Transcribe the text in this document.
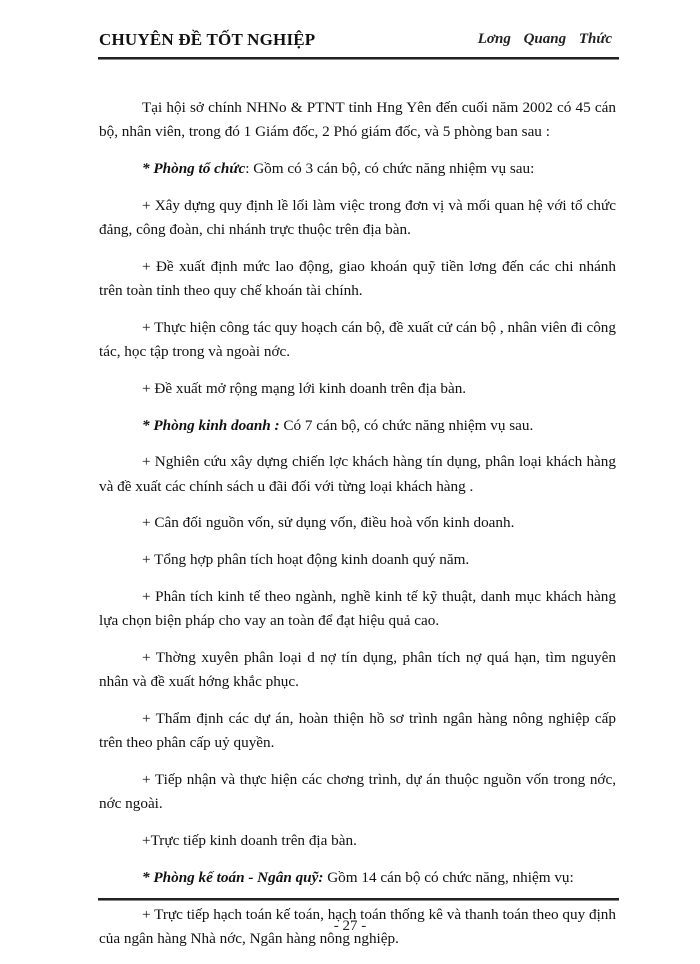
CHUYÊN ĐỀ TỐT NGHIỆP	Lơng Quang Thức

Tại hội sở chính NHNo & PTNT tỉnh Hng Yên đến cuối năm 2002 có 45 cán bộ, nhân viên, trong đó 1 Giám đốc, 2 Phó giám đốc, và 5 phòng ban sau :

* Phòng tổ chức: Gồm có 3 cán bộ, có chức năng nhiệm vụ sau:

+ Xây dựng quy định lề lối làm việc trong đơn vị và mối quan hệ với tổ chức đảng, công đoàn, chi nhánh trực thuộc trên địa bàn.

+ Đề xuất định mức lao động, giao khoán quỹ tiền lơng đến các chi nhánh trên toàn tỉnh theo quy chế khoán tài chính.

+ Thực hiện công tác quy hoạch cán bộ, đề xuất cử cán bộ , nhân viên đi công tác, học tập trong và ngoài nớc.

+ Đề xuất mở rộng mạng lới kinh doanh trên địa bàn.

* Phòng kinh doanh : Có 7 cán bộ, có chức năng nhiệm vụ sau.

+ Nghiên cứu xây dựng chiến lợc khách hàng tín dụng, phân loại khách hàng và đề xuất các chính sách u đãi đối với từng loại khách hàng .

+ Cân đối nguồn vốn, sử dụng vốn, điều hoà vốn kinh doanh.

+ Tổng hợp phân tích hoạt động kinh doanh quý năm.

+ Phân tích kinh tế theo ngành, nghề kinh tế kỹ thuật, danh mục khách hàng lựa chọn biện pháp cho vay an toàn để đạt hiệu quả cao.

+ Thờng xuyên phân loại d nợ tín dụng, phân tích nợ quá hạn, tìm nguyên nhân và đề xuất hớng khắc phục.

+ Thẩm định các dự án, hoàn thiện hồ sơ trình ngân hàng nông nghiệp cấp trên theo phân cấp uỷ quyền.

+ Tiếp nhận và thực hiện các chơng trình, dự án thuộc nguồn vốn trong nớc, nớc ngoài.

+Trực tiếp kinh doanh trên địa bàn.

* Phòng kế toán - Ngân quỹ: Gồm 14 cán bộ có chức năng, nhiệm vụ:

+ Trực tiếp hạch toán kế toán, hạch toán thống kê và thanh toán theo quy định của ngân hàng Nhà nớc, Ngân hàng nông nghiệp.

- 27 -
